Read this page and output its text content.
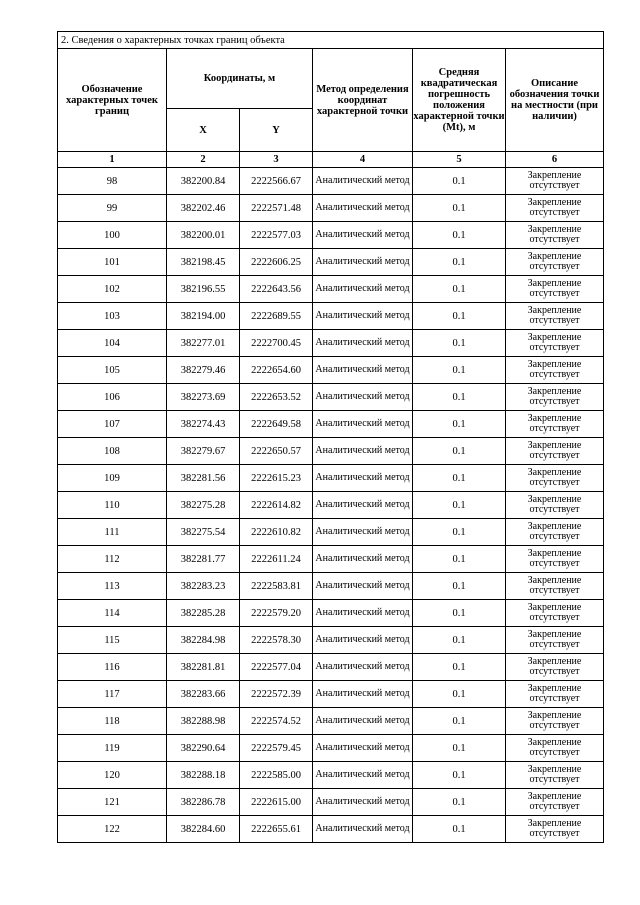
2. Сведения о характерных точках границ объекта					
Обозначение характерных точек границ	Координаты, м		Метод определения координат характерной точки	Средняя квадратическая погрешность положения характерной точки (Mt), м	Описание обозначения точки на местности (при наличии)
	X	Y			
1	2	3	4	5	6
98	382200.84	2222566.67	Аналитический метод	0.1	Закрепление отсутствует
99	382202.46	2222571.48	Аналитический метод	0.1	Закрепление отсутствует
100	382200.01	2222577.03	Аналитический метод	0.1	Закрепление отсутствует
101	382198.45	2222606.25	Аналитический метод	0.1	Закрепление отсутствует
102	382196.55	2222643.56	Аналитический метод	0.1	Закрепление отсутствует
103	382194.00	2222689.55	Аналитический метод	0.1	Закрепление отсутствует
104	382277.01	2222700.45	Аналитический метод	0.1	Закрепление отсутствует
105	382279.46	2222654.60	Аналитический метод	0.1	Закрепление отсутствует
106	382273.69	2222653.52	Аналитический метод	0.1	Закрепление отсутствует
107	382274.43	2222649.58	Аналитический метод	0.1	Закрепление отсутствует
108	382279.67	2222650.57	Аналитический метод	0.1	Закрепление отсутствует
109	382281.56	2222615.23	Аналитический метод	0.1	Закрепление отсутствует
110	382275.28	2222614.82	Аналитический метод	0.1	Закрепление отсутствует
111	382275.54	2222610.82	Аналитический метод	0.1	Закрепление отсутствует
112	382281.77	2222611.24	Аналитический метод	0.1	Закрепление отсутствует
113	382283.23	2222583.81	Аналитический метод	0.1	Закрепление отсутствует
114	382285.28	2222579.20	Аналитический метод	0.1	Закрепление отсутствует
115	382284.98	2222578.30	Аналитический метод	0.1	Закрепление отсутствует
116	382281.81	2222577.04	Аналитический метод	0.1	Закрепление отсутствует
117	382283.66	2222572.39	Аналитический метод	0.1	Закрепление отсутствует
118	382288.98	2222574.52	Аналитический метод	0.1	Закрепление отсутствует
119	382290.64	2222579.45	Аналитический метод	0.1	Закрепление отсутствует
120	382288.18	2222585.00	Аналитический метод	0.1	Закрепление отсутствует
121	382286.78	2222615.00	Аналитический метод	0.1	Закрепление отсутствует
122	382284.60	2222655.61	Аналитический метод	0.1	Закрепление отсутствует
